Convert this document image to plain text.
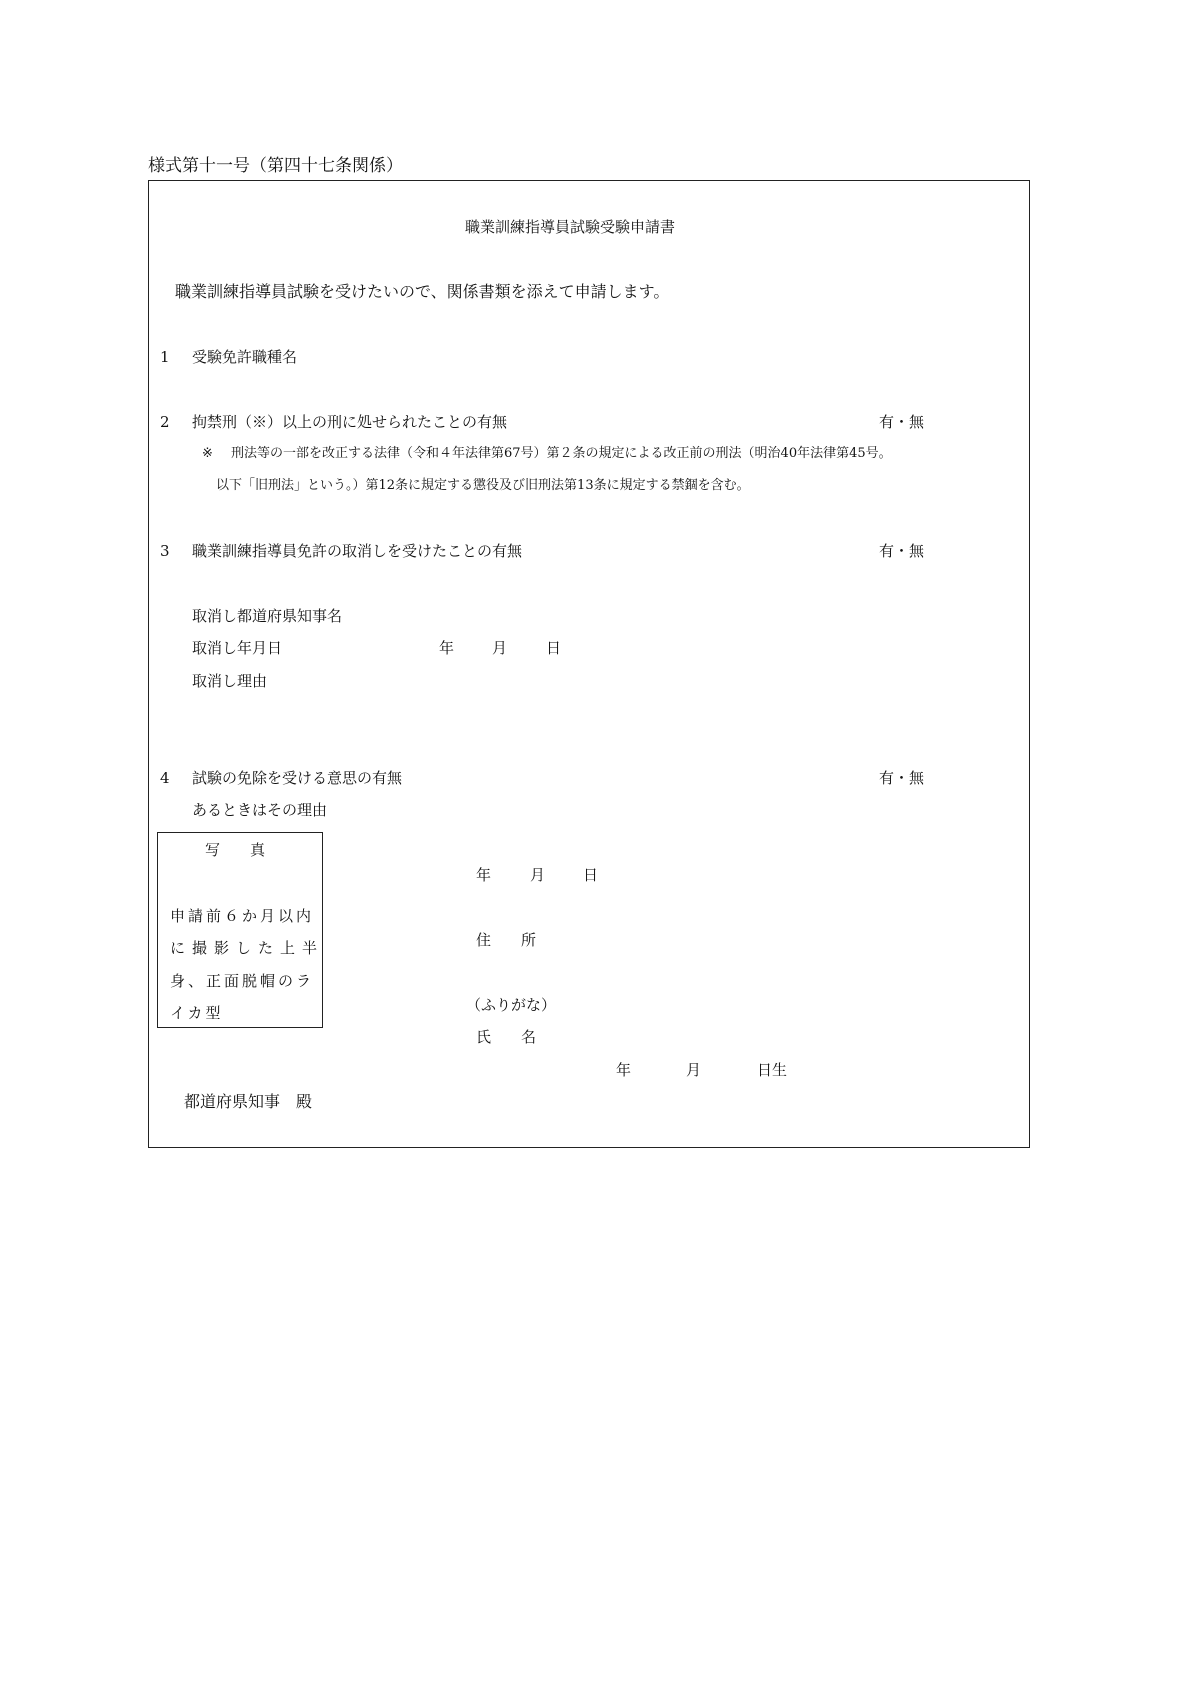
様式第十一号（第四十七条関係）
職業訓練指導員試験受験申請書
職業訓練指導員試験を受けたいので、関係書類を添えて申請します。
1 受験免許職種名
2 拘禁刑（※）以上の刑に処せられたことの有無	有・無
※ 刑法等の一部を改正する法律（令和４年法律第67号）第２条の規定による改正前の刑法（明治40年法律第45号。
以下「旧刑法」という。）第12条に規定する懲役及び旧刑法第13条に規定する禁錮を含む。
3 職業訓練指導員免許の取消しを受けたことの有無	有・無
取消し都道府県知事名
取消し年月日	年	月	日
取消し理由
4 試験の免除を受ける意思の有無	有・無
あるときはその理由
写　　真
申請前６か月以内
に撮影した上半
身、正面脱帽のラ
イカ型
年	月	日
住　　所
（ふりがな）
氏　　名
年	月	日生
都道府県知事　殿
